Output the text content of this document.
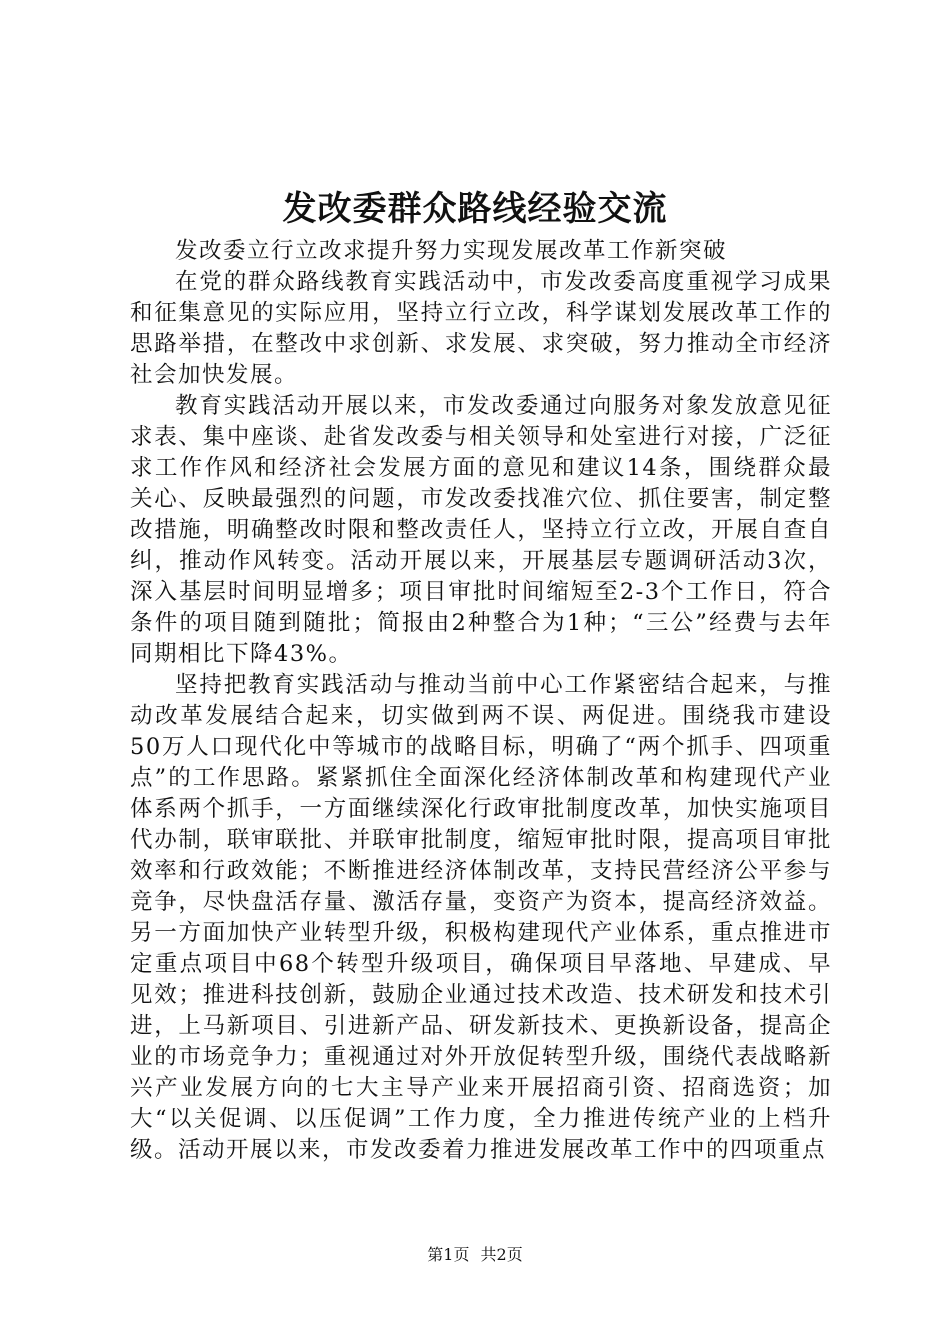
发改委群众路线经验交流

发改委立行立改求提升努力实现发展改革工作新突破

在党的群众路线教育实践活动中，市发改委高度重视学习成果和征集意见的实际应用，坚持立行立改，科学谋划发展改革工作的思路举措，在整改中求创新、求发展、求突破，努力推动全市经济社会加快发展。

教育实践活动开展以来，市发改委通过向服务对象发放意见征求表、集中座谈、赴省发改委与相关领导和处室进行对接，广泛征求工作作风和经济社会发展方面的意见和建议14条，围绕群众最关心、反映最强烈的问题，市发改委找准穴位、抓住要害，制定整改措施，明确整改时限和整改责任人，坚持立行立改，开展自查自纠，推动作风转变。活动开展以来，开展基层专题调研活动3次，深入基层时间明显增多；项目审批时间缩短至2-3个工作日，符合条件的项目随到随批；简报由2种整合为1种；“三公”经费与去年同期相比下降43%。

坚持把教育实践活动与推动当前中心工作紧密结合起来，与推动改革发展结合起来，切实做到两不误、两促进。围绕我市建设50万人口现代化中等城市的战略目标，明确了“两个抓手、四项重点”的工作思路。紧紧抓住全面深化经济体制改革和构建现代产业体系两个抓手，一方面继续深化行政审批制度改革，加快实施项目代办制，联审联批、并联审批制度，缩短审批时限，提高项目审批效率和行政效能；不断推进经济体制改革，支持民营经济公平参与竞争，尽快盘活存量、激活存量，变资产为资本，提高经济效益。另一方面加快产业转型升级，积极构建现代产业体系，重点推进市定重点项目中68个转型升级项目，确保项目早落地、早建成、早见效；推进科技创新，鼓励企业通过技术改造、技术研发和技术引进，上马新项目、引进新产品、研发新技术、更换新设备，提高企业的市场竞争力；重视通过对外开放促转型升级，围绕代表战略新兴产业发展方向的七大主导产业来开展招商引资、招商选资；加大“以关促调、以压促调”工作力度，全力推进传统产业的上档升级。活动开展以来，市发改委着力推进发展改革工作中的四项重点

第1页 共2页
